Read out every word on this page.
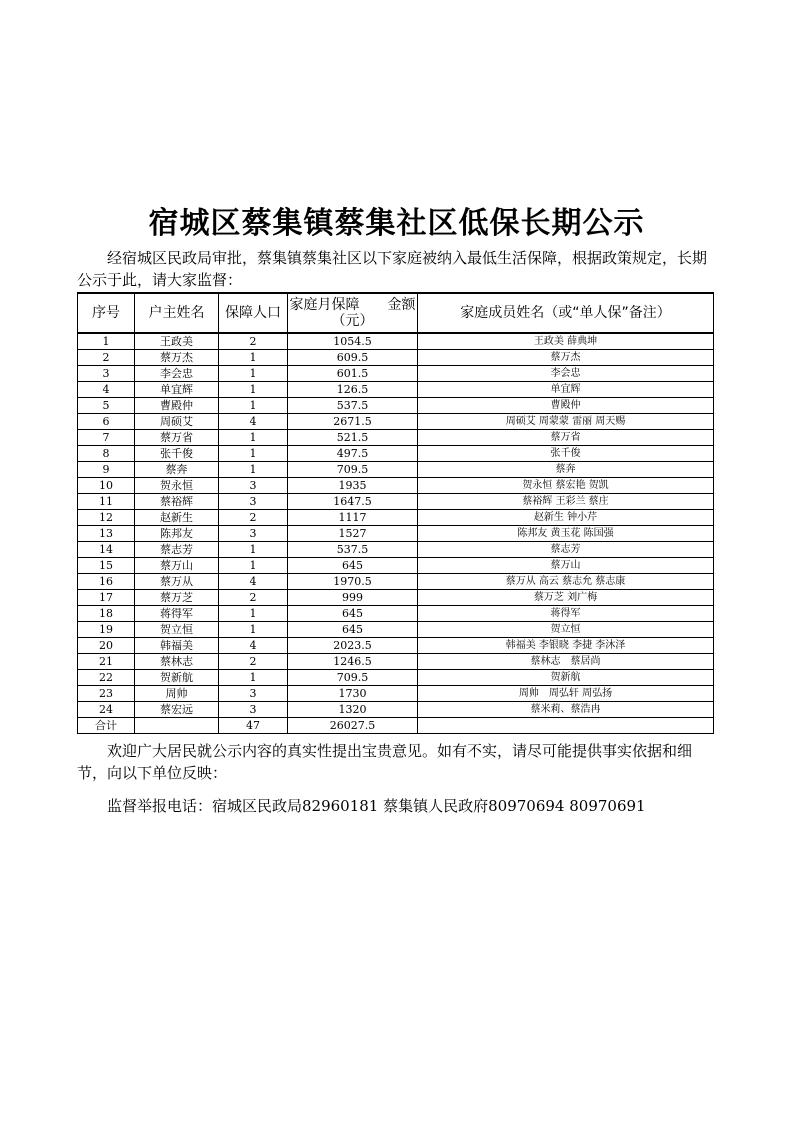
宿城区蔡集镇蔡集社区低保长期公示

经宿城区民政局审批，蔡集镇蔡集社区以下家庭被纳入最低生活保障，根据政策规定，长期公示于此，请大家监督：

序号	户主姓名	保障人口	家庭月保障　　金额（元）	家庭成员姓名（或“单人保”备注）
1	王政美	2	1054.5	王政美 薛典坤
2	蔡万杰	1	609.5	蔡万杰
3	李会忠	1	601.5	李会忠
4	单宜辉	1	126.5	单宜辉
5	曹殿仲	1	537.5	曹殿仲
6	周硕艾	4	2671.5	周硕艾 周蒙蒙 雷丽 周天赐
7	蔡万省	1	521.5	蔡万省
8	张千俊	1	497.5	张千俊
9	蔡奔	1	709.5	蔡奔
10	贺永恒	3	1935	贺永恒 蔡宏艳 贺凯
11	蔡裕辉	3	1647.5	蔡裕辉 王彩兰 蔡庄
12	赵新生	2	1117	赵新生 钟小芹
13	陈邦友	3	1527	陈邦友 黄玉花 陈国强
14	蔡志芳	1	537.5	蔡志芳
15	蔡万山	1	645	蔡万山
16	蔡万从	4	1970.5	蔡万从 高云 蔡志允 蔡志康
17	蔡万芝	2	999	蔡万芝 刘广梅
18	蒋得军	1	645	蒋得军
19	贺立恒	1	645	贺立恒
20	韩福美	4	2023.5	韩福美 李银晓 李捷 李沐泽
21	蔡林志	2	1246.5	蔡林志　蔡居尚
22	贺新航	1	709.5	贺新航
23	周帅	3	1730	周帅　周弘轩 周弘扬
24	蔡宏远	3	1320	蔡米莉、蔡浩冉
合计		47	26027.5	

欢迎广大居民就公示内容的真实性提出宝贵意见。如有不实，请尽可能提供事实依据和细节，向以下单位反映：

监督举报电话：宿城区民政局82960181 蔡集镇人民政府80970694 80970691
